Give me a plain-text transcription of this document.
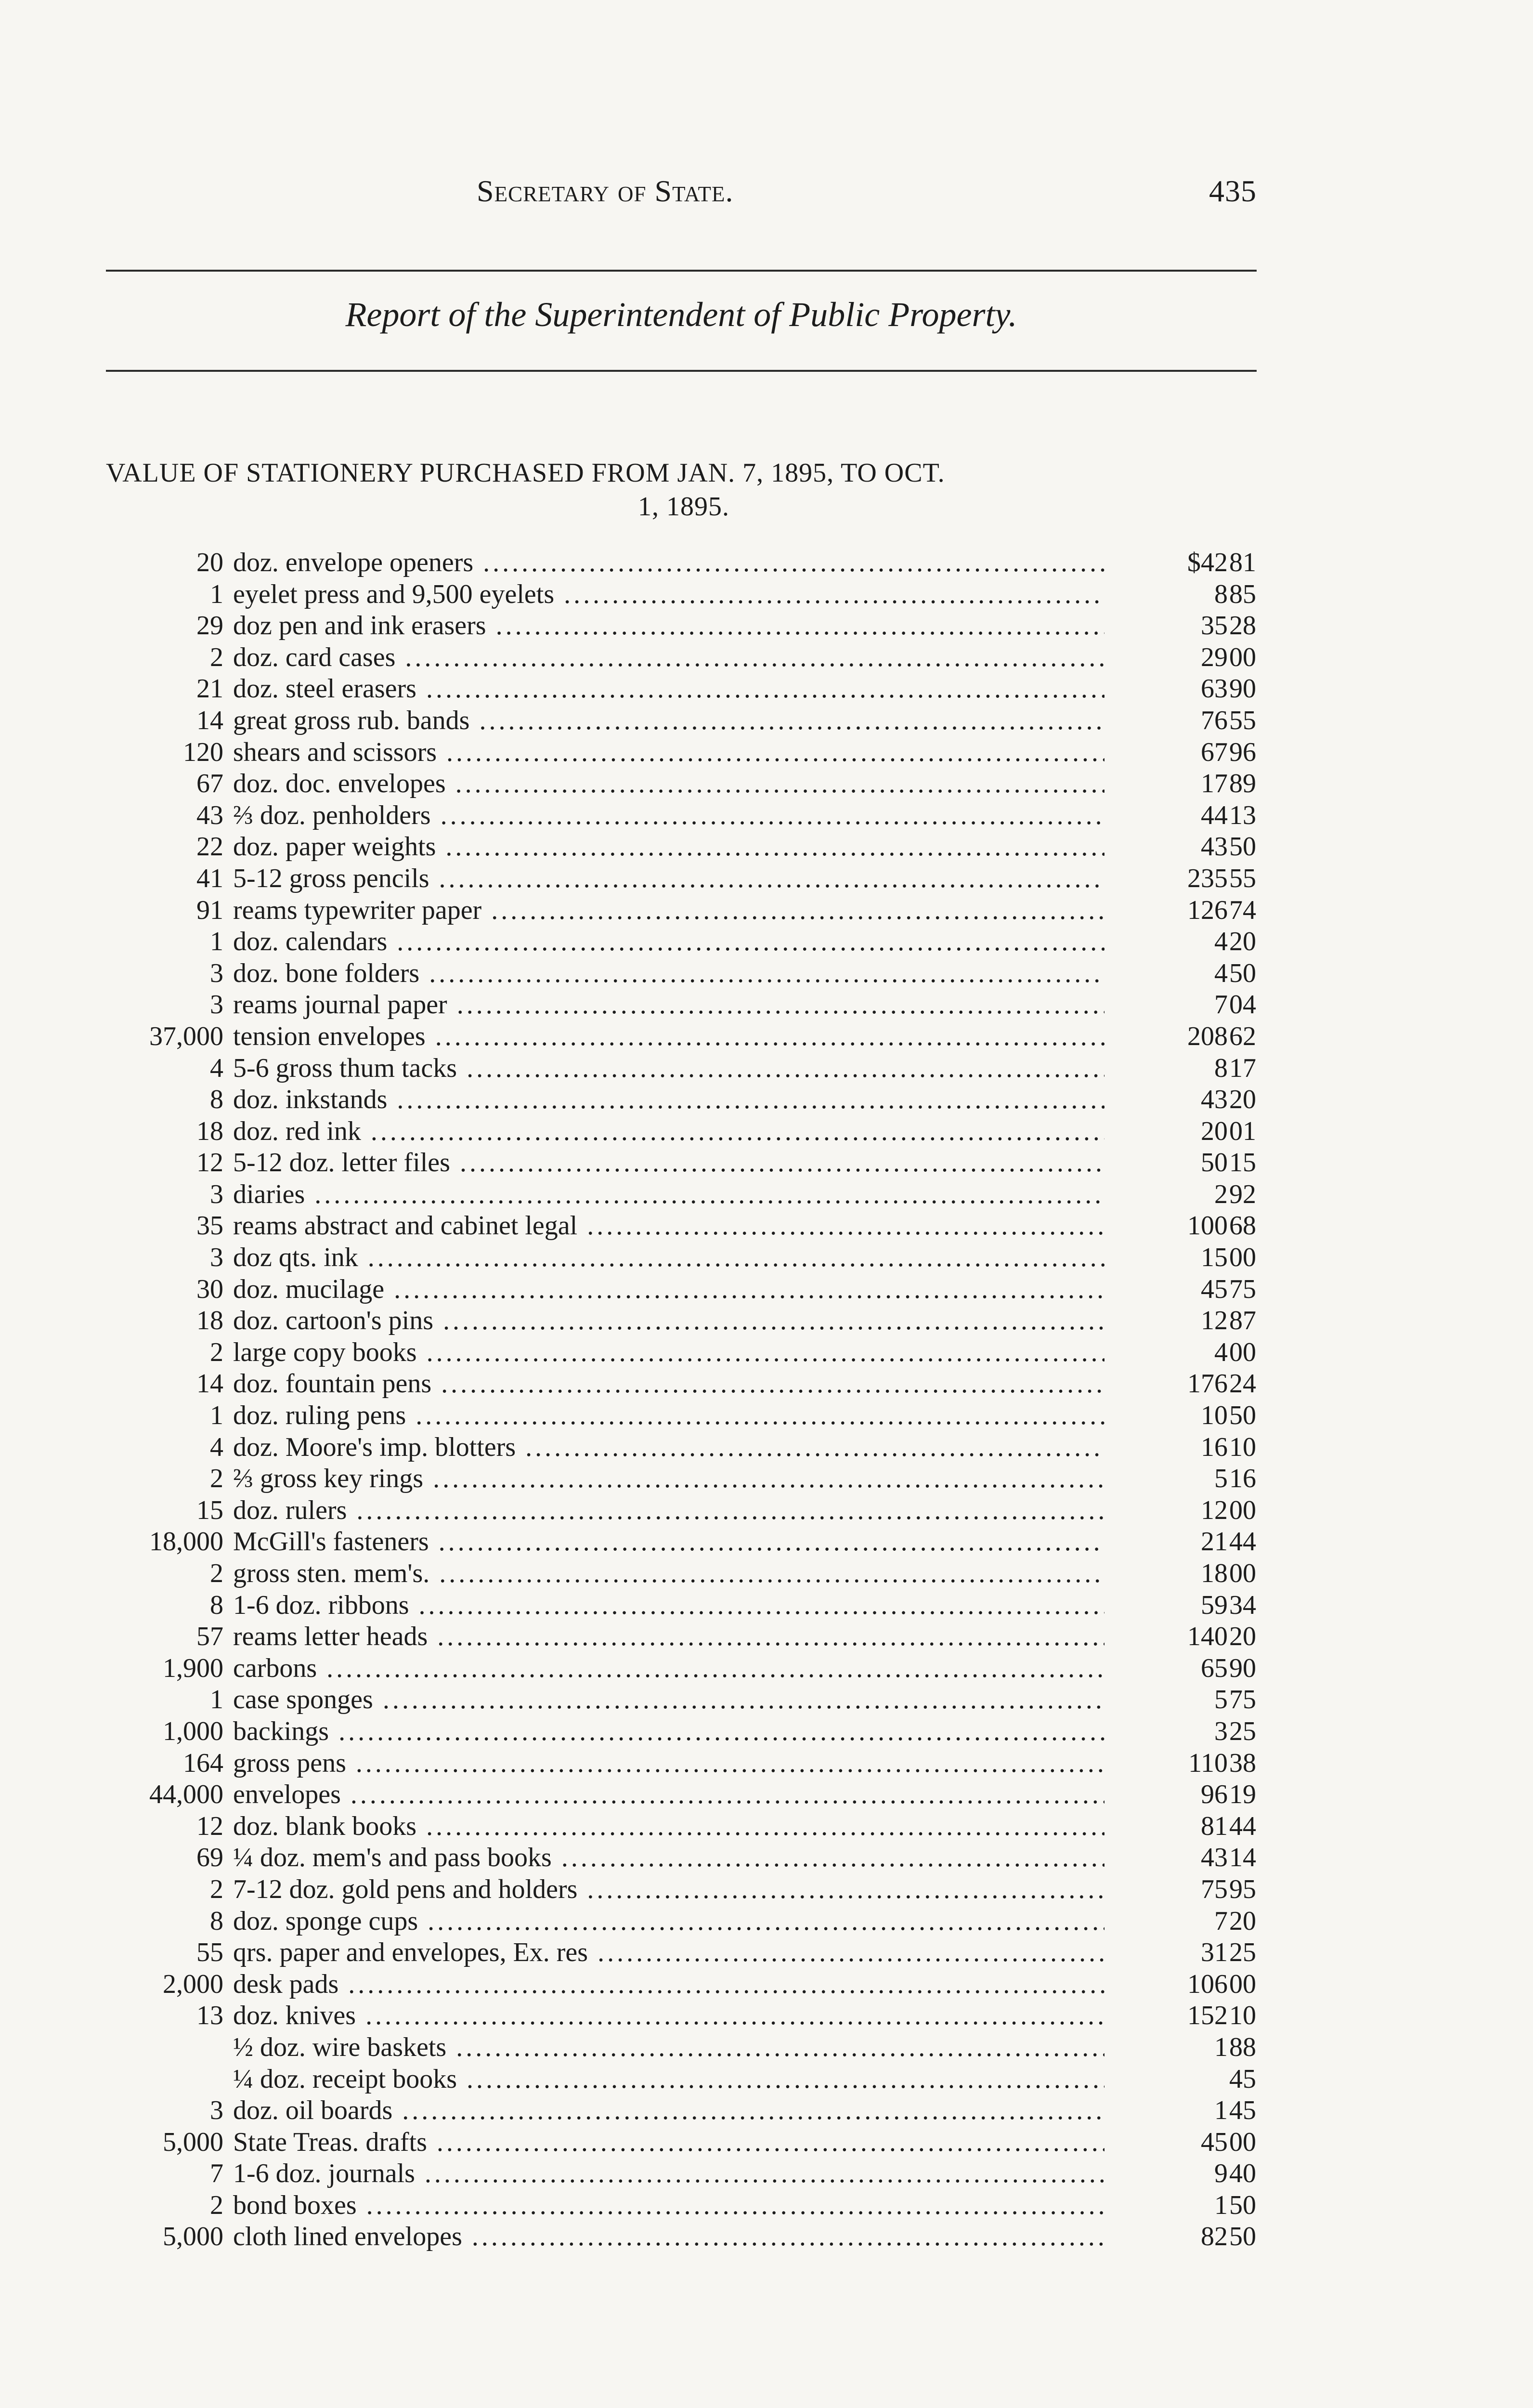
Secretary of State.	435
Report of the Superintendent of Public Property.
VALUE OF STATIONERY PURCHASED FROM JAN. 7, 1895, TO OCT.
1, 1895.
20 doz. envelope openers .....	$42 81
1 eyelet press and 9,500 eyelets .....	8 85
29 doz pen and ink erasers .....	35 28
2 doz. card cases .....	29 00
21 doz. steel erasers .....	63 90
14 great gross rub. bands .....	76 55
120 shears and scissors .....	67 96
67 doz. doc. envelopes .....	17 89
43 ⅔ doz. penholders .....	44 13
22 doz. paper weights .....	43 50
41 5-12 gross pencils .....	235 55
91 reams typewriter paper .....	126 74
1 doz. calendars .....	4 20
3 doz. bone folders .....	4 50
3 reams journal paper .....	7 04
37,000 tension envelopes .....	208 62
4 5-6 gross thum tacks .....	8 17
8 doz. inkstands .....	43 20
18 doz. red ink .....	20 01
12 5-12 doz. letter files .....	50 15
3 diaries .....	2 92
35 reams abstract and cabinet legal .....	100 68
3 doz qts. ink .....	15 00
30 doz. mucilage .....	45 75
18 doz. cartoon's pins .....	12 87
2 large copy books .....	4 00
14 doz. fountain pens .....	176 24
1 doz. ruling pens .....	10 50
4 doz. Moore's imp. blotters .....	16 10
2 ⅔ gross key rings .....	5 16
15 doz. rulers .....	12 00
18,000 McGill's fasteners .....	21 44
2 gross sten. mem's. .....	18 00
8 1-6 doz. ribbons .....	59 34
57 reams letter heads .....	140 20
1,900 carbons .....	65 90
1 case sponges .....	5 75
1,000 backings .....	3 25
164 gross pens .....	110 38
44,000 envelopes .....	96 19
12 doz. blank books .....	81 44
69 ¼ doz. mem's and pass books .....	43 14
2 7-12 doz. gold pens and holders .....	75 95
8 doz. sponge cups .....	7 20
55 qrs. paper and envelopes, Ex. res .....	31 25
2,000 desk pads .....	106 00
13 doz. knives .....	152 10
½ doz. wire baskets .....	1 88
¼ doz. receipt books .....	45
3 doz. oil boards .....	1 45
5,000 State Treas. drafts .....	45 00
7 1-6 doz. journals .....	9 40
2 bond boxes .....	1 50
5,000 cloth lined envelopes .....	82 50
